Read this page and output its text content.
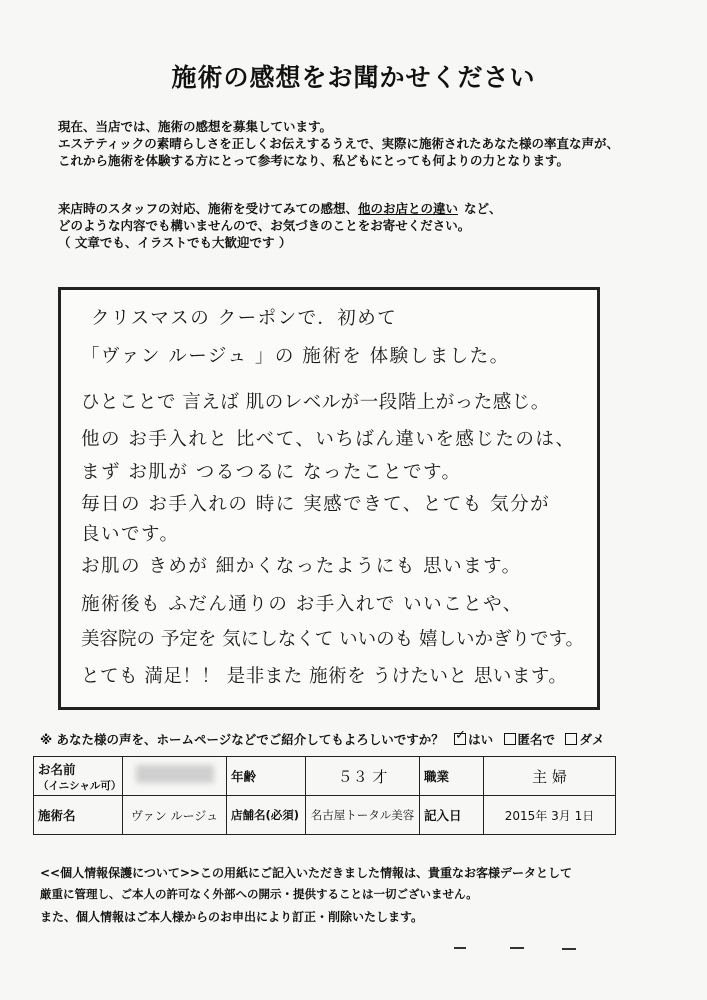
施術の感想をお聞かせください
現在、当店では、施術の感想を募集しています。
エステティックの素晴らしさを正しくお伝えするうえで、実際に施術されたあなた様の率直な声が、
これから施術を体験する方にとって参考になり、私どもにとっても何よりの力となります。
来店時のスタッフの対応、施術を受けてみての感想、他のお店との違い など、
どのような内容でも構いませんので、お気づきのことをお寄せください。
（ 文章でも、イラストでも大歓迎です ）
クリスマスの クーポンで．初めて
「ヴァン ルージュ 」の 施術を 体験しました。
ひとことで 言えば 肌のレベルが一段階上がった感じ。
他の お手入れと 比べて、いちばん違いを感じたのは、
まず お肌が つるつるに なったことです。
毎日の お手入れの 時に 実感できて、とても 気分が
良いです。
お肌の きめが 細かくなったようにも 思います。
施術後も ふだん通りの お手入れで いいことや、
美容院の 予定を 気にしなくて いいのも 嬉しいかぎりです。
とても 満足！！ 是非また 施術を うけたいと 思います。
※ あなた様の声を、ホームページなどでご紹介してもよろしいですか？ ✓ はい 匿名で ダメ
お名前
（イニシャル可）		年齢	５３ 才	職業	主 婦
施術名	ヴァン ルージュ	店舗名(必須)	名古屋トータル美容	記入日	2015年 3月 1日
<<個人情報保護について>>この用紙にご記入いただきました情報は、貴重なお客様データとして
厳重に管理し、ご本人の許可なく外部への開示・提供することは一切ございません。
また、個人情報はご本人様からのお申出により訂正・削除いたします。
